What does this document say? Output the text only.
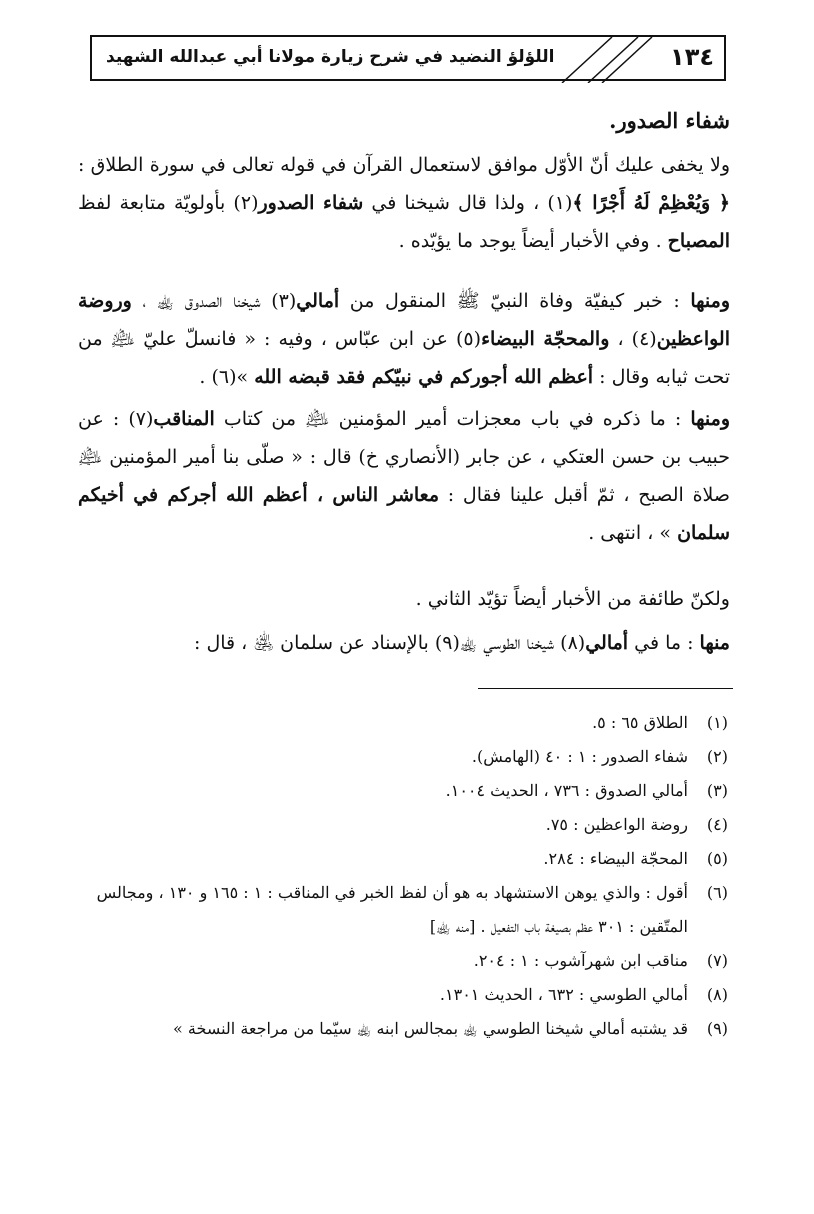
١٣٤
اللؤلؤ النضيد في شرح زيارة مولانا أبي عبدالله الشهيد

شفاء الصدور.

ولا يخفى عليك أنّ الأوّل موافق لاستعمال القرآن في قوله تعالى في سورة الطلاق : ﴿ وَيُعْظِمْ لَهُ أَجْرًا ﴾(١) ، ولذا قال شيخنا في شفاء الصدور(٢) بأولويّة متابعة لفظ المصباح . وفي الأخبار أيضاً يوجد ما يؤيّده .

ومنها : خبر كيفيّة وفاة النبيّ ﷺ المنقول من أمالي(٣) شيخنا الصدوق ﵀ ، وروضة الواعظين(٤) ، والمحجّة البيضاء(٥) عن ابن عبّاس ، وفيه : « فانسلّ عليّ ﵇ من تحت ثيابه وقال : أعظم الله أجوركم في نبيّكم فقد قبضه الله »(٦) .

ومنها : ما ذكره في باب معجزات أمير المؤمنين ﵇ من كتاب المناقب(٧) : عن حبيب بن حسن العتكي ، عن جابر (الأنصاري خ) قال : « صلّى بنا أمير المؤمنين ﵇ صلاة الصبح ، ثمّ أقبل علينا فقال : معاشر الناس ، أعظم الله أجركم في أخيكم سلمان » ، انتهى .

ولكنّ طائفة من الأخبار أيضاً تؤيّد الثاني .

منها : ما في أمالي(٨) شيخنا الطوسي ﵀(٩) بالإسناد عن سلمان ﵁ ، قال :

(١)
الطلاق ٦٥ : ٥.
(٢)
شفاء الصدور : ١ : ٤٠ (الهامش).
(٣)
أمالي الصدوق : ٧٣٦ ، الحديث ١٠٠٤.
(٤)
روضة الواعظين : ٧٥.
(٥)
المحجّة البيضاء : ٢٨٤.
(٦)
أقول : والذي يوهن الاستشهاد به هو أن لفظ الخبر في المناقب : ١ : ١٦٥ و ١٣٠ ، ومجالس المتّقين : ٣٠١ عظم بصيغة باب التفعيل . [منه ﵀]
(٧)
مناقب ابن شهرآشوب : ١ : ٢٠٤.
(٨)
أمالي الطوسي : ٦٣٢ ، الحديث ١٣٠١.
(٩)
قد يشتبه أمالي شيخنا الطوسي ﵀ بمجالس ابنه ﵀ سيّما من مراجعة النسخة »
